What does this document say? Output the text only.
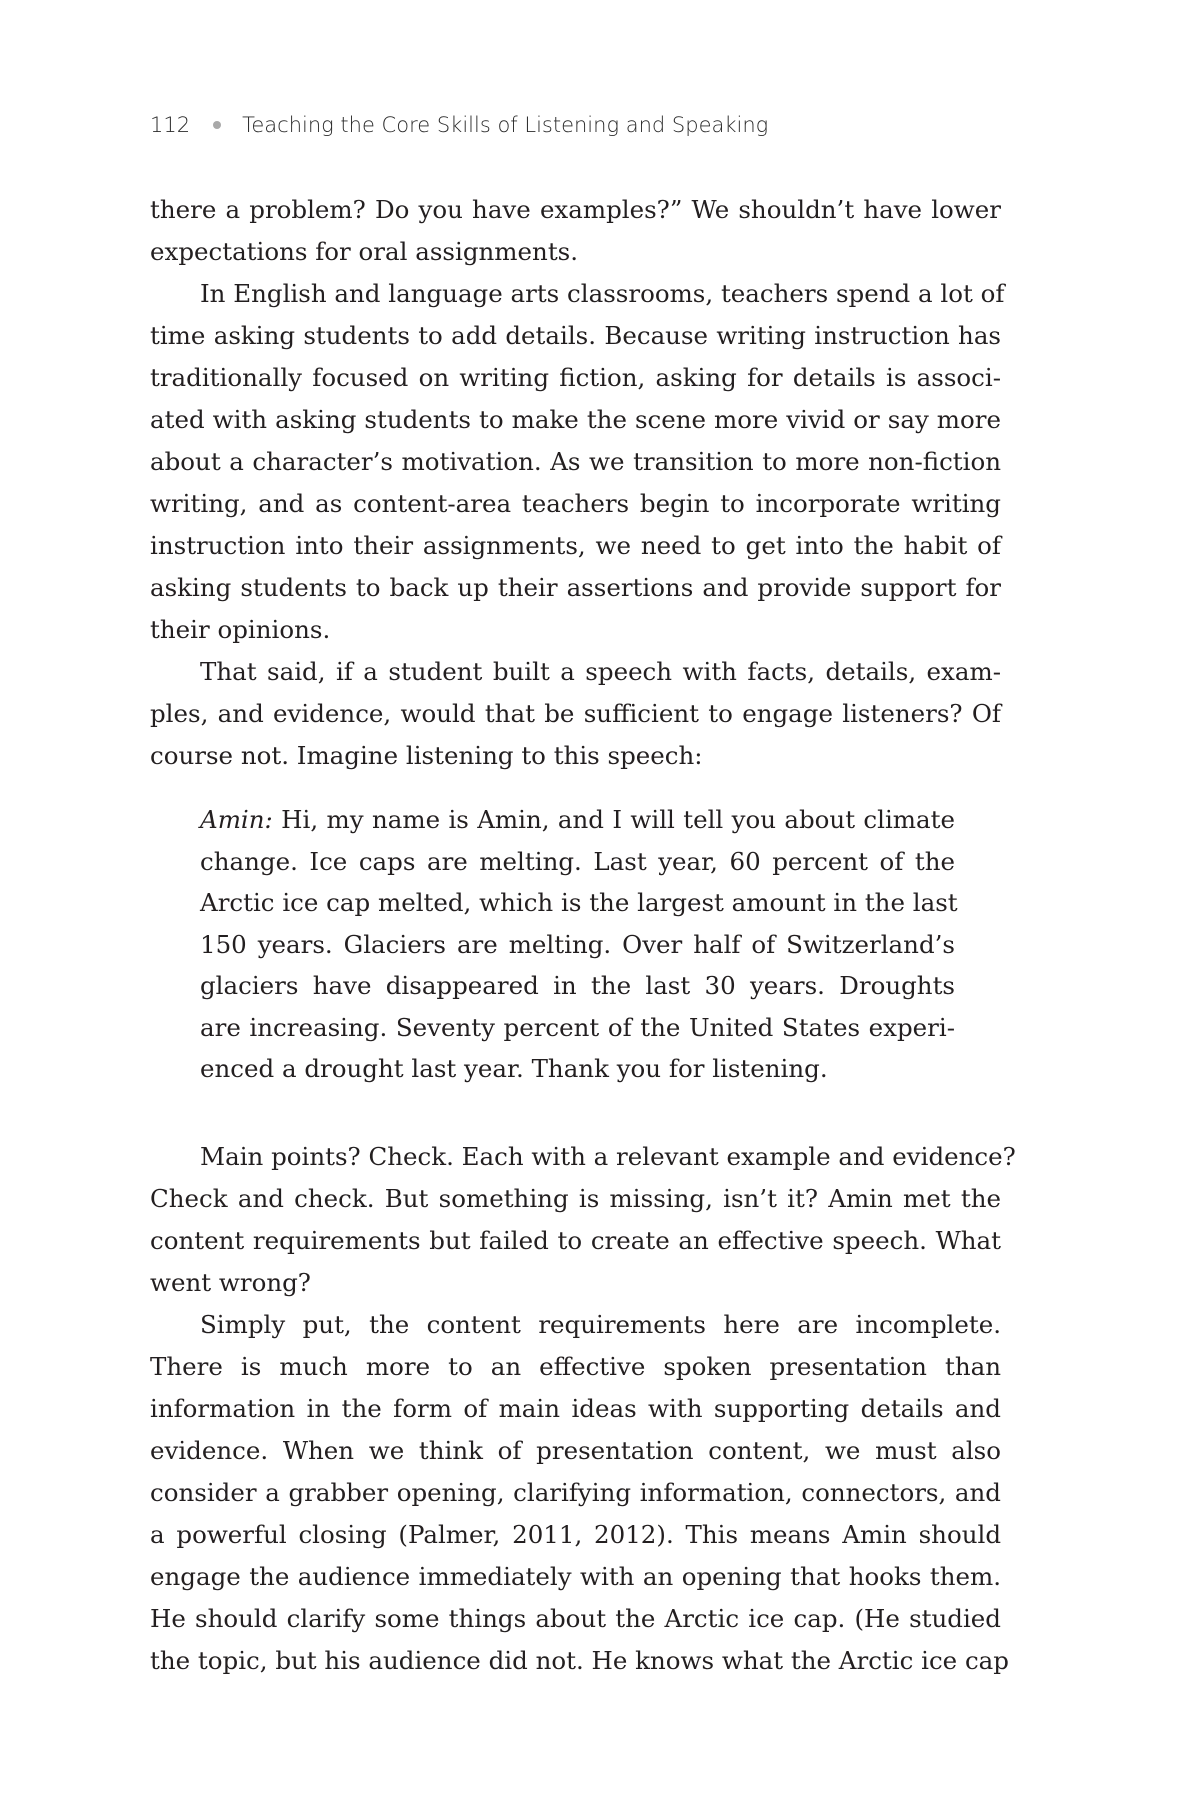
112 Teaching the Core Skills of Listening and Speaking
there a problem? Do you have examples?” We shouldn’t have lower
expectations for oral assignments.
In English and language arts classrooms, teachers spend a lot of
time asking students to add details. Because writing instruction has
traditionally focused on writing fiction, asking for details is associ-
ated with asking students to make the scene more vivid or say more
about a character’s motivation. As we transition to more non-fiction
writing, and as content-area teachers begin to incorporate writing
instruction into their assignments, we need to get into the habit of
asking students to back up their assertions and provide support for
their opinions.
That said, if a student built a speech with facts, details, exam-
ples, and evidence, would that be sufficient to engage listeners? Of
course not. Imagine listening to this speech:
Amin: Hi, my name is Amin, and I will tell you about climate
change. Ice caps are melting. Last year, 60 percent of the
Arctic ice cap melted, which is the largest amount in the last
150 years. Glaciers are melting. Over half of Switzerland’s
glaciers have disappeared in the last 30 years. Droughts
are increasing. Seventy percent of the United States experi-
enced a drought last year. Thank you for listening.
Main points? Check. Each with a relevant example and evidence?
Check and check. But something is missing, isn’t it? Amin met the
content requirements but failed to create an effective speech. What
went wrong?
Simply put, the content requirements here are incomplete.
There is much more to an effective spoken presentation than
information in the form of main ideas with supporting details and
evidence. When we think of presentation content, we must also
consider a grabber opening, clarifying information, connectors, and
a powerful closing (Palmer, 2011, 2012). This means Amin should
engage the audience immediately with an opening that hooks them.
He should clarify some things about the Arctic ice cap. (He studied
the topic, but his audience did not. He knows what the Arctic ice cap
